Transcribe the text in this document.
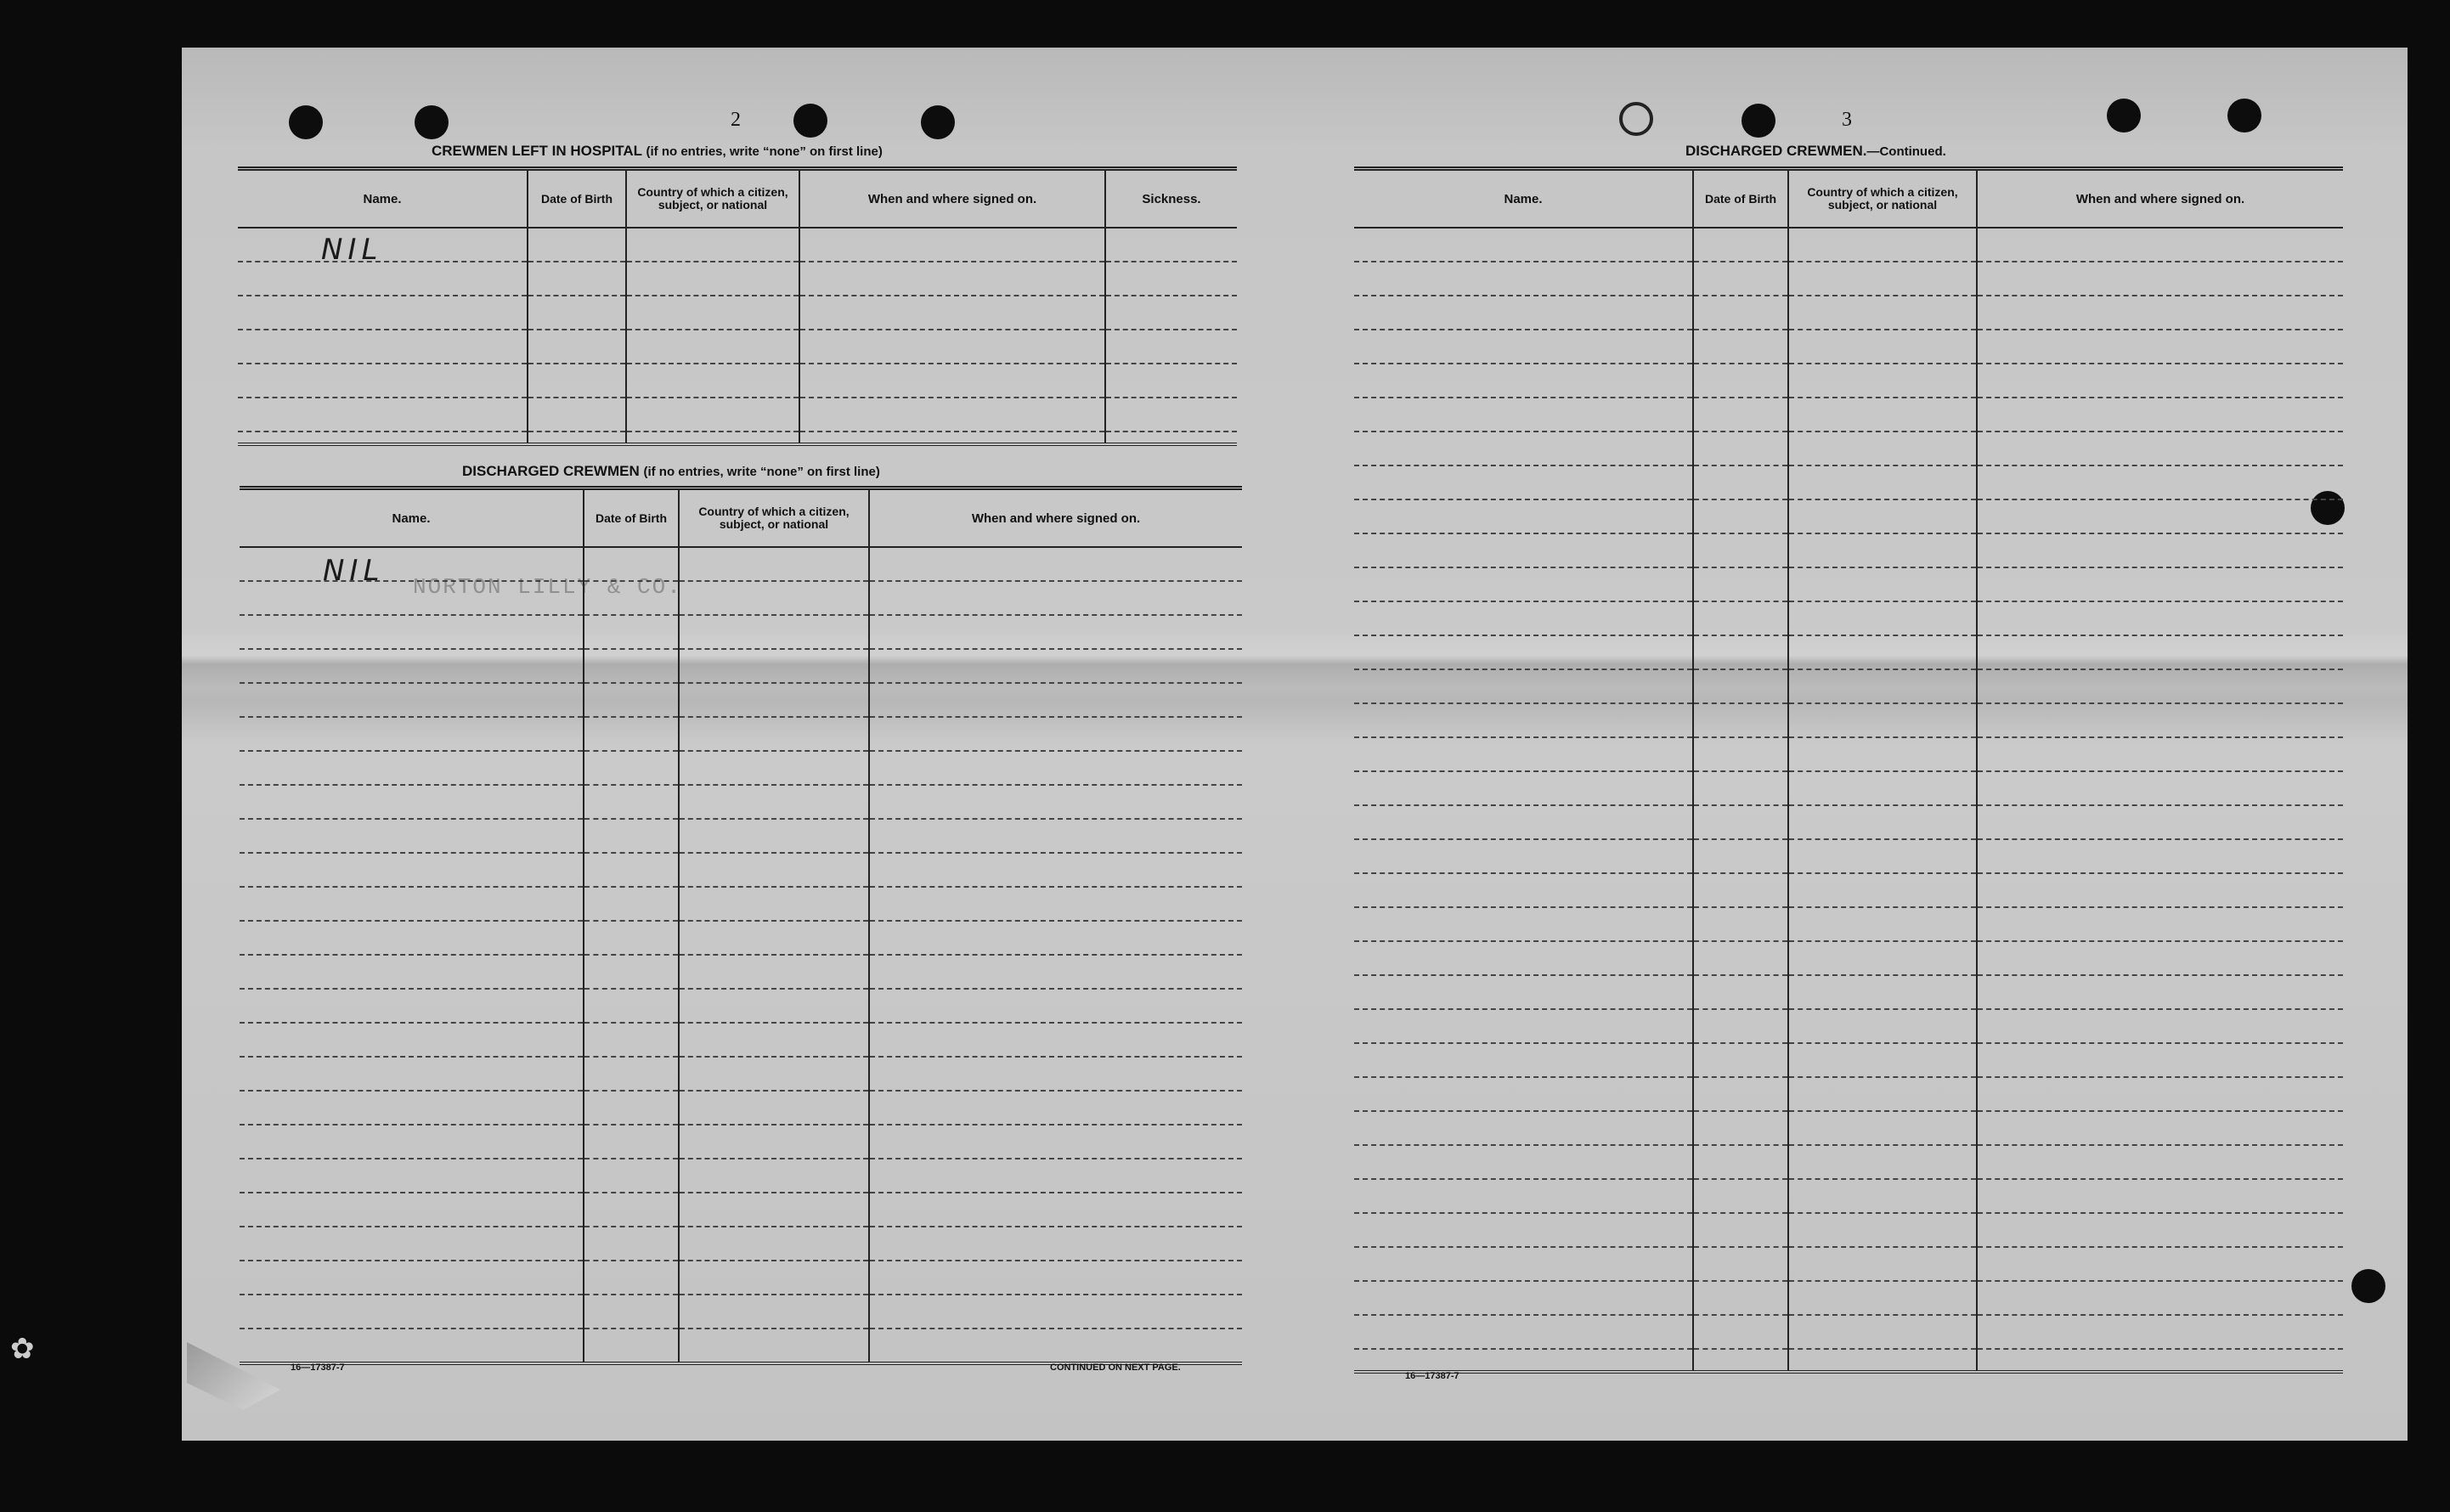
✿
2	3
CREWMEN LEFT IN HOSPITAL (if no entries, write “none” on first line)
Name.	Date of Birth	Country of which a citizen, subject, or national	When and where signed on.	Sickness.
NIL
DISCHARGED CREWMEN (if no entries, write “none” on first line)
Name.	Date of Birth	Country of which a citizen, subject, or national	When and where signed on.
NIL NORTON LILLY & CO.
16—17387-7	CONTINUED ON NEXT PAGE.
DISCHARGED CREWMEN.—Continued.
Name.	Date of Birth	Country of which a citizen, subject, or national	When and where signed on.
16—17387-7
